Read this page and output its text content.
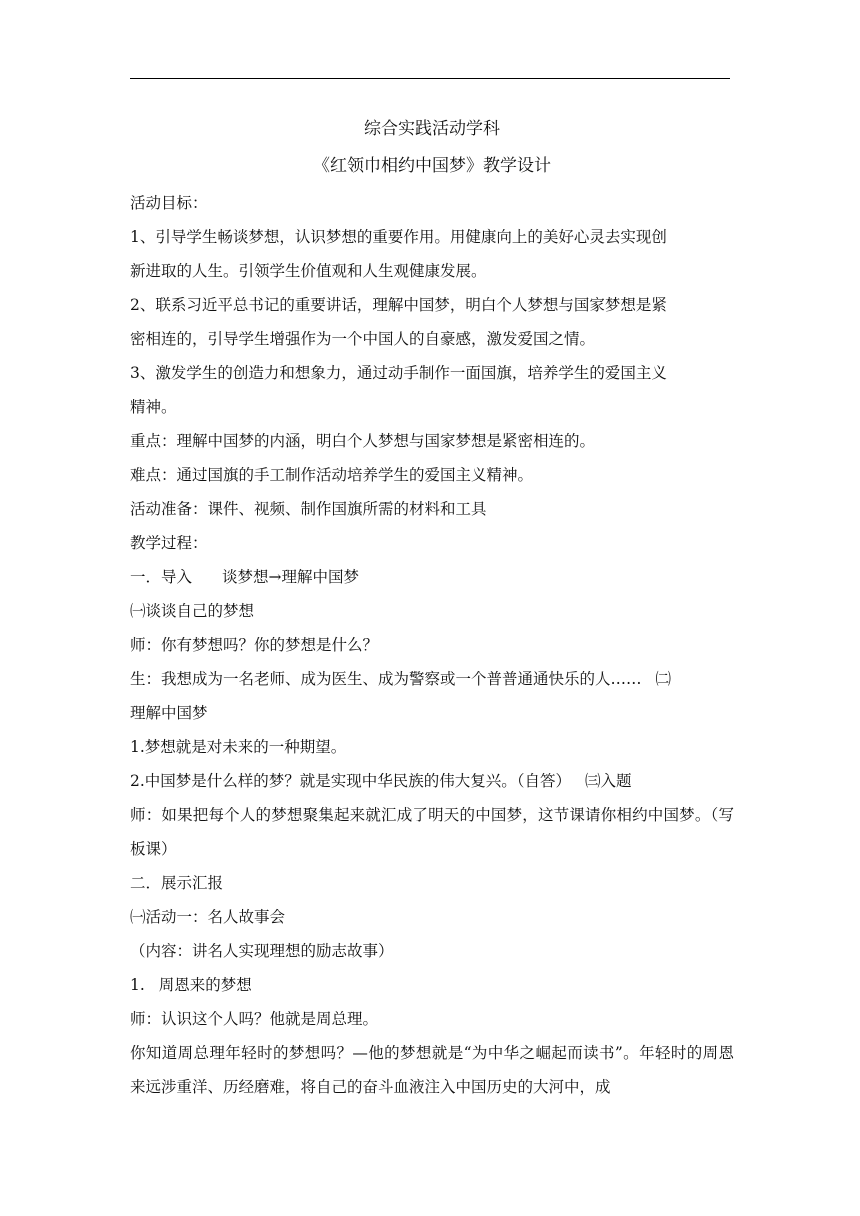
综合实践活动学科
《红领巾相约中国梦》教学设计
活动目标：
1、引导学生畅谈梦想，认识梦想的重要作用。用健康向上的美好心灵去实现创
新进取的人生。引领学生价值观和人生观健康发展。
2、联系习近平总书记的重要讲话，理解中国梦，明白个人梦想与国家梦想是紧
密相连的，引导学生增强作为一个中国人的自豪感，激发爱国之情。
3、激发学生的创造力和想象力，通过动手制作一面国旗，培养学生的爱国主义
精神。
重点：理解中国梦的内涵，明白个人梦想与国家梦想是紧密相连的。
难点：通过国旗的手工制作活动培养学生的爱国主义精神。
活动准备：课件、视频、制作国旗所需的材料和工具
教学过程：
一．导入 谈梦想→理解中国梦
㈠谈谈自己的梦想
师：你有梦想吗？你的梦想是什么？
生：我想成为一名老师、成为医生、成为警察或一个普普通通快乐的人…… ㈡
理解中国梦
1.梦想就是对未来的一种期望。
2.中国梦是什么样的梦？就是实现中华民族的伟大复兴。（自答） ㈢入题
师：如果把每个人的梦想聚集起来就汇成了明天的中国梦，这节课请你相约中国梦。（写板课）
二．展示汇报
㈠活动一：名人故事会
（内容：讲名人实现理想的励志故事）
1. 周恩来的梦想
师：认识这个人吗？他就是周总理。
你知道周总理年轻时的梦想吗？—他的梦想就是“为中华之崛起而读书”。年轻时的周恩来远涉重洋、历经磨难，将自己的奋斗血液注入中国历史的大河中，成
